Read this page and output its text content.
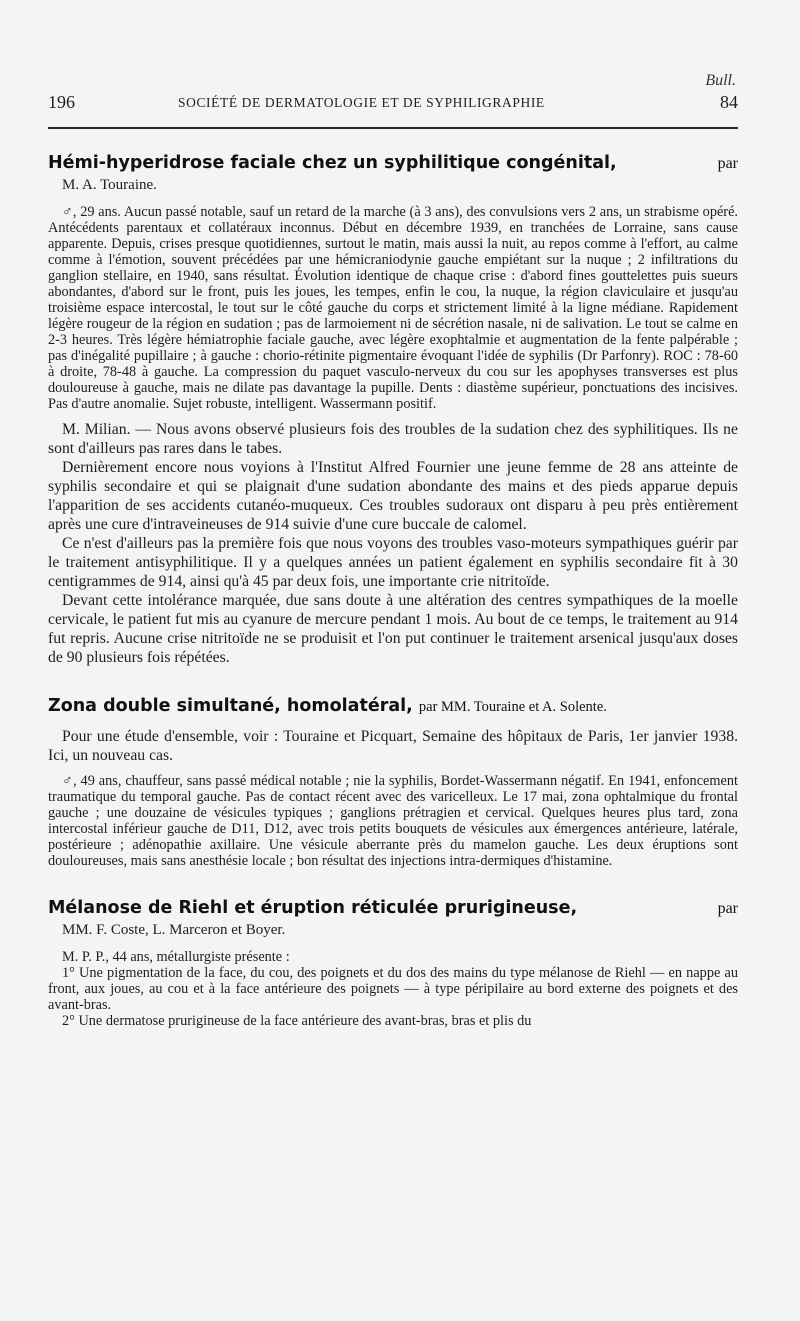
Bull.
196	SOCIÉTÉ DE DERMATOLOGIE ET DE SYPHILIGRAPHIE	84
Hémi-hyperidrose faciale chez un syphilitique congénital,	par
M. A. Touraine.

♂, 29 ans. Aucun passé notable, sauf un retard de la marche (à 3 ans), des convulsions vers 2 ans, un strabisme opéré. Antécédents parentaux et collatéraux inconnus. Début en décembre 1939, en tranchées de Lorraine, sans cause apparente. Depuis, crises presque quotidiennes, surtout le matin, mais aussi la nuit, au repos comme à l'effort, au calme comme à l'émotion, souvent précédées par une hémicraniodynie gauche empiétant sur la nuque ; 2 infiltrations du ganglion stellaire, en 1940, sans résultat. Évolution identique de chaque crise : d'abord fines gouttelettes puis sueurs abondantes, d'abord sur le front, puis les joues, les tempes, enfin le cou, la nuque, la région claviculaire et jusqu'au troisième espace intercostal, le tout sur le côté gauche du corps et strictement limité à la ligne médiane. Rapidement légère rougeur de la région en sudation ; pas de larmoiement ni de sécrétion nasale, ni de salivation. Le tout se calme en 2-3 heures. Très légère hémiatrophie faciale gauche, avec légère exophtalmie et augmentation de la fente palpérable ; pas d'inégalité pupillaire ; à gauche : chorio-rétinite pigmentaire évoquant l'idée de syphilis (Dr Parfonry). ROC : 78-60 à droite, 78-48 à gauche. La compression du paquet vasculo-nerveux du cou sur les apophyses transverses est plus douloureuse à gauche, mais ne dilate pas davantage la pupille. Dents : diastème supérieur, ponctuations des incisives. Pas d'autre anomalie. Sujet robuste, intelligent. Wassermann positif.

M. Milian. — Nous avons observé plusieurs fois des troubles de la sudation chez des syphilitiques. Ils ne sont d'ailleurs pas rares dans le tabes.

Dernièrement encore nous voyions à l'Institut Alfred Fournier une jeune femme de 28 ans atteinte de syphilis secondaire et qui se plaignait d'une sudation abondante des mains et des pieds apparue depuis l'apparition de ses accidents cutanéo-muqueux. Ces troubles sudoraux ont disparu à peu près entièrement après une cure d'intraveineuses de 914 suivie d'une cure buccale de calomel.

Ce n'est d'ailleurs pas la première fois que nous voyons des troubles vaso-moteurs sympathiques guérir par le traitement antisyphilitique. Il y a quelques années un patient également en syphilis secondaire fit à 30 centigrammes de 914, ainsi qu'à 45 par deux fois, une importante crie nitritoïde.

Devant cette intolérance marquée, due sans doute à une altération des centres sympathiques de la moelle cervicale, le patient fut mis au cyanure de mercure pendant 1 mois. Au bout de ce temps, le traitement au 914 fut repris. Aucune crise nitritoïde ne se produisit et l'on put continuer le traitement arsenical jusqu'aux doses de 90 plusieurs fois répétées.

Zona double simultané, homolatéral, par MM. Touraine et A. Solente.

Pour une étude d'ensemble, voir : Touraine et Picquart, Semaine des hôpitaux de Paris, 1er janvier 1938. Ici, un nouveau cas.

♂, 49 ans, chauffeur, sans passé médical notable ; nie la syphilis, Bordet-Wassermann négatif. En 1941, enfoncement traumatique du temporal gauche. Pas de contact récent avec des varicelleux. Le 17 mai, zona ophtalmique du frontal gauche ; une douzaine de vésicules typiques ; ganglions prétragien et cervical. Quelques heures plus tard, zona intercostal inférieur gauche de D11, D12, avec trois petits bouquets de vésicules aux émergences antérieure, latérale, postérieure ; adénopathie axillaire. Une vésicule aberrante près du mamelon gauche. Les deux éruptions sont douloureuses, mais sans anesthésie locale ; bon résultat des injections intra-dermiques d'histamine.

Mélanose de Riehl et éruption réticulée prurigineuse,	par
MM. F. Coste, L. Marceron et Boyer.

M. P. P., 44 ans, métallurgiste présente :

1° Une pigmentation de la face, du cou, des poignets et du dos des mains du type mélanose de Riehl — en nappe au front, aux joues, au cou et à la face antérieure des poignets — à type péripilaire au bord externe des poignets et des avant-bras.

2° Une dermatose prurigineuse de la face antérieure des avant-bras, bras et plis du
